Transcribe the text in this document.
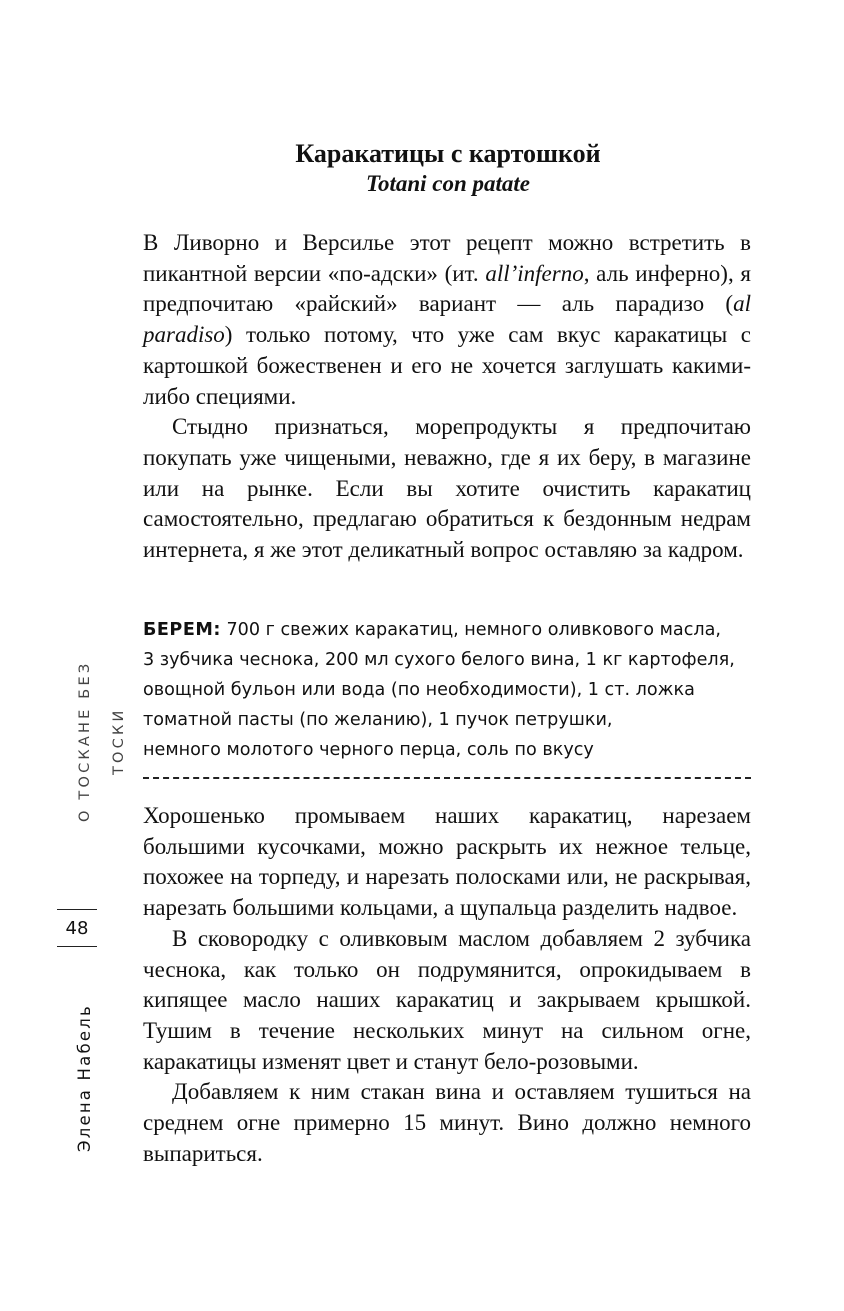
Каракатицы с картошкой
Totani con patate

В Ливорно и Версилье этот рецепт можно встретить в пикантной версии «по-адски» (ит. all’inferno, аль инферно), я предпочитаю «райский» вариант — аль парадизо (al paradiso) только потому, что уже сам вкус каракатицы с картошкой божественен и его не хочется заглушать какими-либо специями.

Стыдно признаться, морепродукты я предпочитаю покупать уже чищеными, неважно, где я их беру, в магазине или на рынке. Если вы хотите очистить каракатиц самостоятельно, предлагаю обратиться к бездонным недрам интернета, я же этот деликатный вопрос оставляю за кадром.

БЕРЕМ: 700 г свежих каракатиц, немного оливкового масла,
3 зубчика чеснока, 200 мл сухого белого вина, 1 кг картофеля,
овощной бульон или вода (по необходимости), 1 ст. ложка
томатной пасты (по желанию), 1 пучок петрушки,
немного молотого черного перца, соль по вкусу

Хорошенько промываем наших каракатиц, нарезаем большими кусочками, можно раскрыть их нежное тельце, похожее на торпеду, и нарезать полосками или, не раскрывая, нарезать большими кольцами, а щупальца разделить надвое.

В сковородку с оливковым маслом добавляем 2 зубчика чеснока, как только он подрумянится, опрокидываем в кипящее масло наших каракатиц и закрываем крышкой. Тушим в течение нескольких минут на сильном огне, каракатицы изменят цвет и станут бело-розовыми.

Добавляем к ним стакан вина и оставляем тушиться на среднем огне примерно 15 минут. Вино должно немного выпариться.

О ТОСКАНЕ БЕЗ ТОСКИ
48
Элена Набель
